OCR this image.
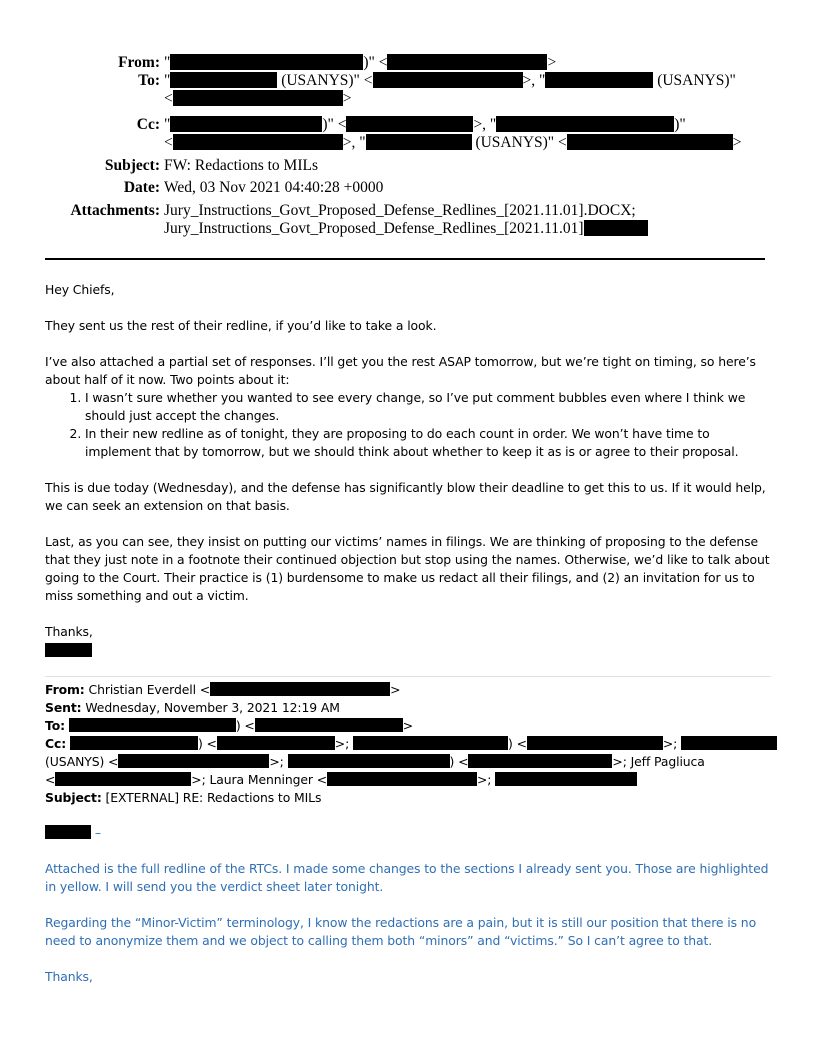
From: "	)" <	>
To: "	(USANYS)" <	>, "	(USANYS)"
<	>
Cc: "	)" <	>, "	)"
<	>, "	(USANYS)" <	>
Subject: FW: Redactions to MILs
Date: Wed, 03 Nov 2021 04:40:28 +0000
Attachments: Jury_Instructions_Govt_Proposed_Defense_Redlines_[2021.11.01].DOCX;
Jury_Instructions_Govt_Proposed_Defense_Redlines_[2021.11.01]

Hey Chiefs,

They sent us the rest of their redline, if you’d like to take a look.

I’ve also attached a partial set of responses. I’ll get you the rest ASAP tomorrow, but we’re tight on timing, so here’s about half of it now. Two points about it:

1. I wasn’t sure whether you wanted to see every change, so I’ve put comment bubbles even where I think we should just accept the changes.
2. In their new redline as of tonight, they are proposing to do each count in order. We won’t have time to implement that by tomorrow, but we should think about whether to keep it as is or agree to their proposal.

This is due today (Wednesday), and the defense has significantly blow their deadline to get this to us. If it would help, we can seek an extension on that basis.

Last, as you can see, they insist on putting our victims’ names in filings. We are thinking of proposing to the defense that they just note in a footnote their continued objection but stop using the names. Otherwise, we’d like to talk about going to the Court. Their practice is (1) burdensome to make us redact all their filings, and (2) an invitation for us to miss something and out a victim.

Thanks,

From: Christian Everdell <	>
Sent: Wednesday, November 3, 2021 12:19 AM
To:	) <	>
Cc:	) <	>;	) <	>;
(USANYS) <	>;	) <	>; Jeff Pagliuca
<	>; Laura Menninger <	>;
Subject: [EXTERNAL] RE: Redactions to MILs

–

Attached is the full redline of the RTCs. I made some changes to the sections I already sent you. Those are highlighted in yellow. I will send you the verdict sheet later tonight.

Regarding the “Minor-Victim” terminology, I know the redactions are a pain, but it is still our position that there is no need to anonymize them and we object to calling them both “minors” and “victims.” So I can’t agree to that.

Thanks,
